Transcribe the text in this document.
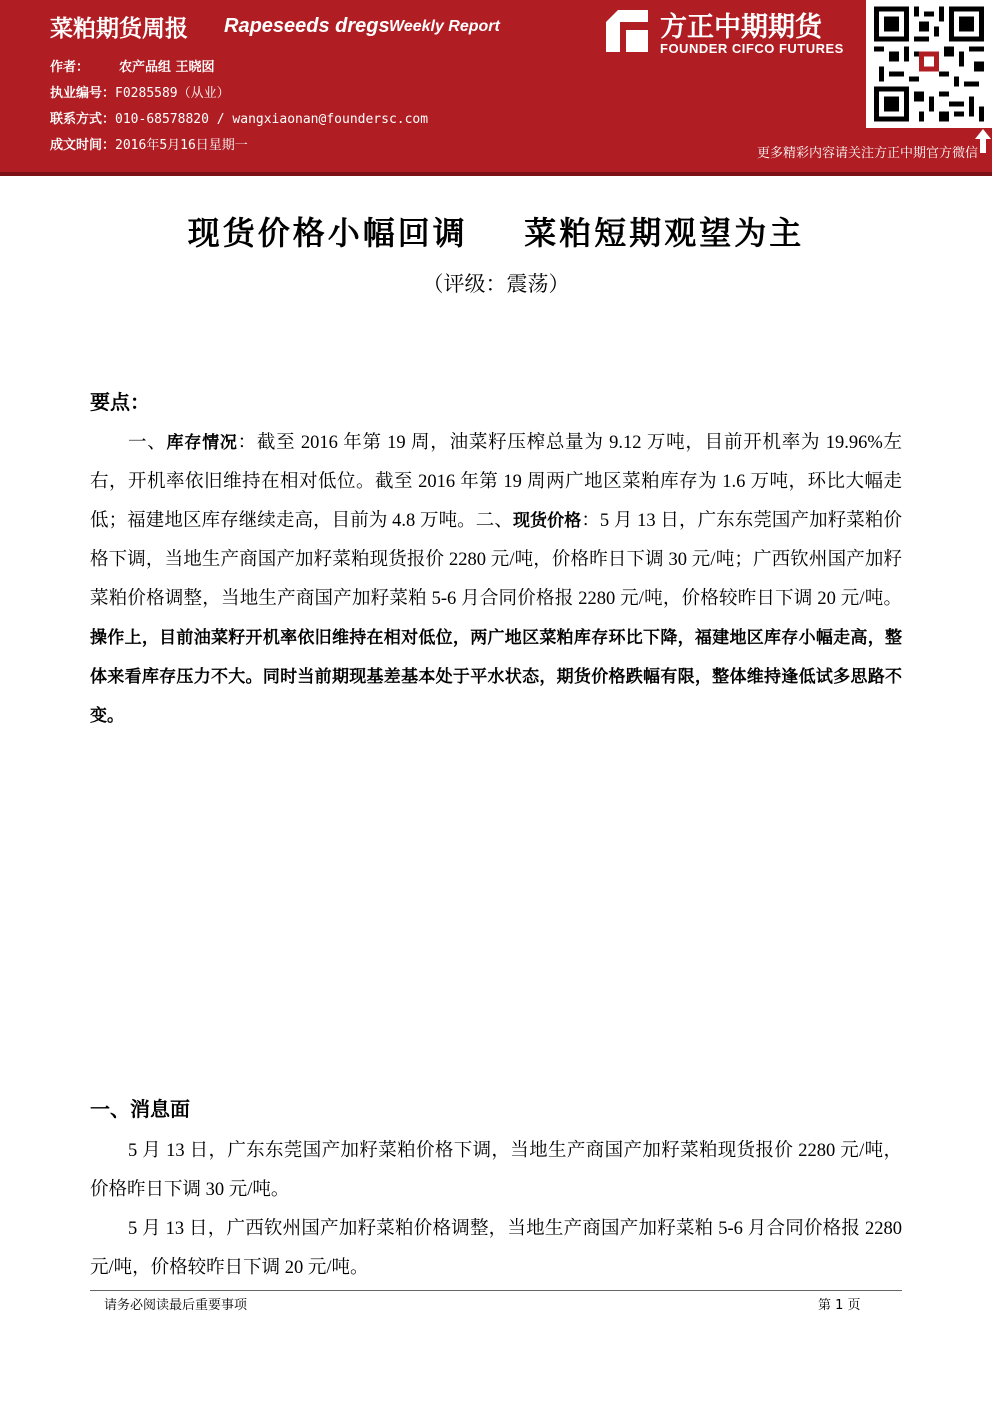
菜粕期货周报 Rapeseeds dregs Weekly Report
作者： 农产品组 王晓囡
执业编号：F0285589（从业）
联系方式：010-68578820 / wangxiaonan@foundersc.com
成文时间：2016年5月16日星期一
方正中期期货
FOUNDER CIFCO FUTURES
更多精彩内容请关注方正中期官方微信
现货价格小幅回调    菜粕短期观望为主
（评级：震荡）
要点：
一、库存情况：截至 2016 年第 19 周，油菜籽压榨总量为 9.12 万吨，目前开机率为 19.96%左右，开机率依旧维持在相对低位。截至 2016 年第 19 周两广地区菜粕库存为 1.6 万吨，环比大幅走低；福建地区库存继续走高，目前为 4.8 万吨。二、现货价格：5 月 13 日，广东东莞国产加籽菜粕价格下调，当地生产商国产加籽菜粕现货报价 2280 元/吨，价格昨日下调 30 元/吨；广西钦州国产加籽菜粕价格调整，当地生产商国产加籽菜粕 5-6 月合同价格报 2280 元/吨，价格较昨日下调 20 元/吨。操作上，目前油菜籽开机率依旧维持在相对低位，两广地区菜粕库存环比下降，福建地区库存小幅走高，整体来看库存压力不大。同时当前期现基差基本处于平水状态，期货价格跌幅有限，整体维持逢低试多思路不变。
一、消息面
5 月 13 日，广东东莞国产加籽菜粕价格下调，当地生产商国产加籽菜粕现货报价 2280 元/吨，价格昨日下调 30 元/吨。
5 月 13 日，广西钦州国产加籽菜粕价格调整，当地生产商国产加籽菜粕 5-6 月合同价格报 2280 元/吨，价格较昨日下调 20 元/吨。
请务必阅读最后重要事项	第 1 页
